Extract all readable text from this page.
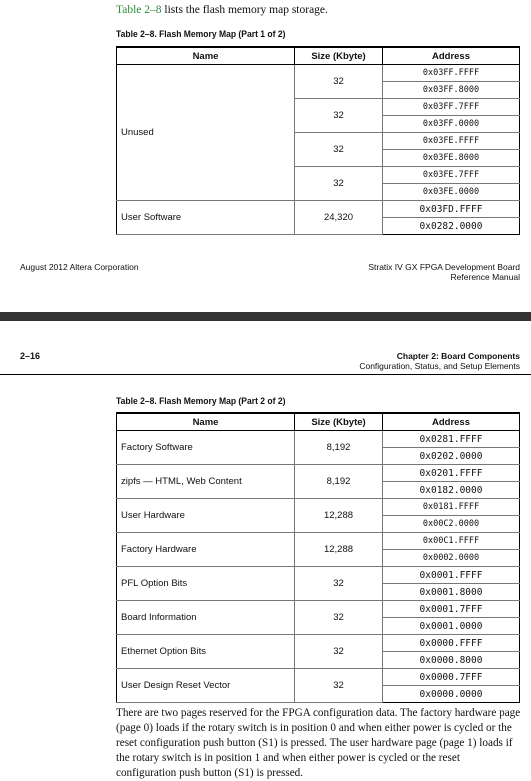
Table 2–8 lists the flash memory map storage.
Table 2–8. Flash Memory Map (Part 1 of 2)
Name	Size (Kbyte)	Address
Unused	32	0x03FF.FFFF
		0x03FF.8000
	32	0x03FF.7FFF
		0x03FF.0000
	32	0x03FE.FFFF
		0x03FE.8000
	32	0x03FE.7FFF
		0x03FE.0000
User Software	24,320	0x03FD.FFFF
		0x0282.0000
August 2012 Altera Corporation	Stratix IV GX FPGA Development Board
Reference Manual
2–16	Chapter 2: Board Components
Configuration, Status, and Setup Elements
Table 2–8. Flash Memory Map (Part 2 of 2)
Name	Size (Kbyte)	Address
Factory Software	8,192	0x0281.FFFF
		0x0202.0000
zipfs — HTML, Web Content	8,192	0x0201.FFFF
		0x0182.0000
User Hardware	12,288	0x0181.FFFF
		0x00C2.0000
Factory Hardware	12,288	0x00C1.FFFF
		0x0002.0000
PFL Option Bits	32	0x0001.FFFF
		0x0001.8000
Board Information	32	0x0001.7FFF
		0x0001.0000
Ethernet Option Bits	32	0x0000.FFFF
		0x0000.8000
User Design Reset Vector	32	0x0000.7FFF
		0x0000.0000
There are two pages reserved for the FPGA configuration data. The factory hardware page (page 0) loads if the rotary switch is in position 0 and when either power is cycled or the reset configuration push button (S1) is pressed. The user hardware page (page 1) loads if the rotary switch is in position 1 and when either power is cycled or the reset configuration push button (S1) is pressed.
